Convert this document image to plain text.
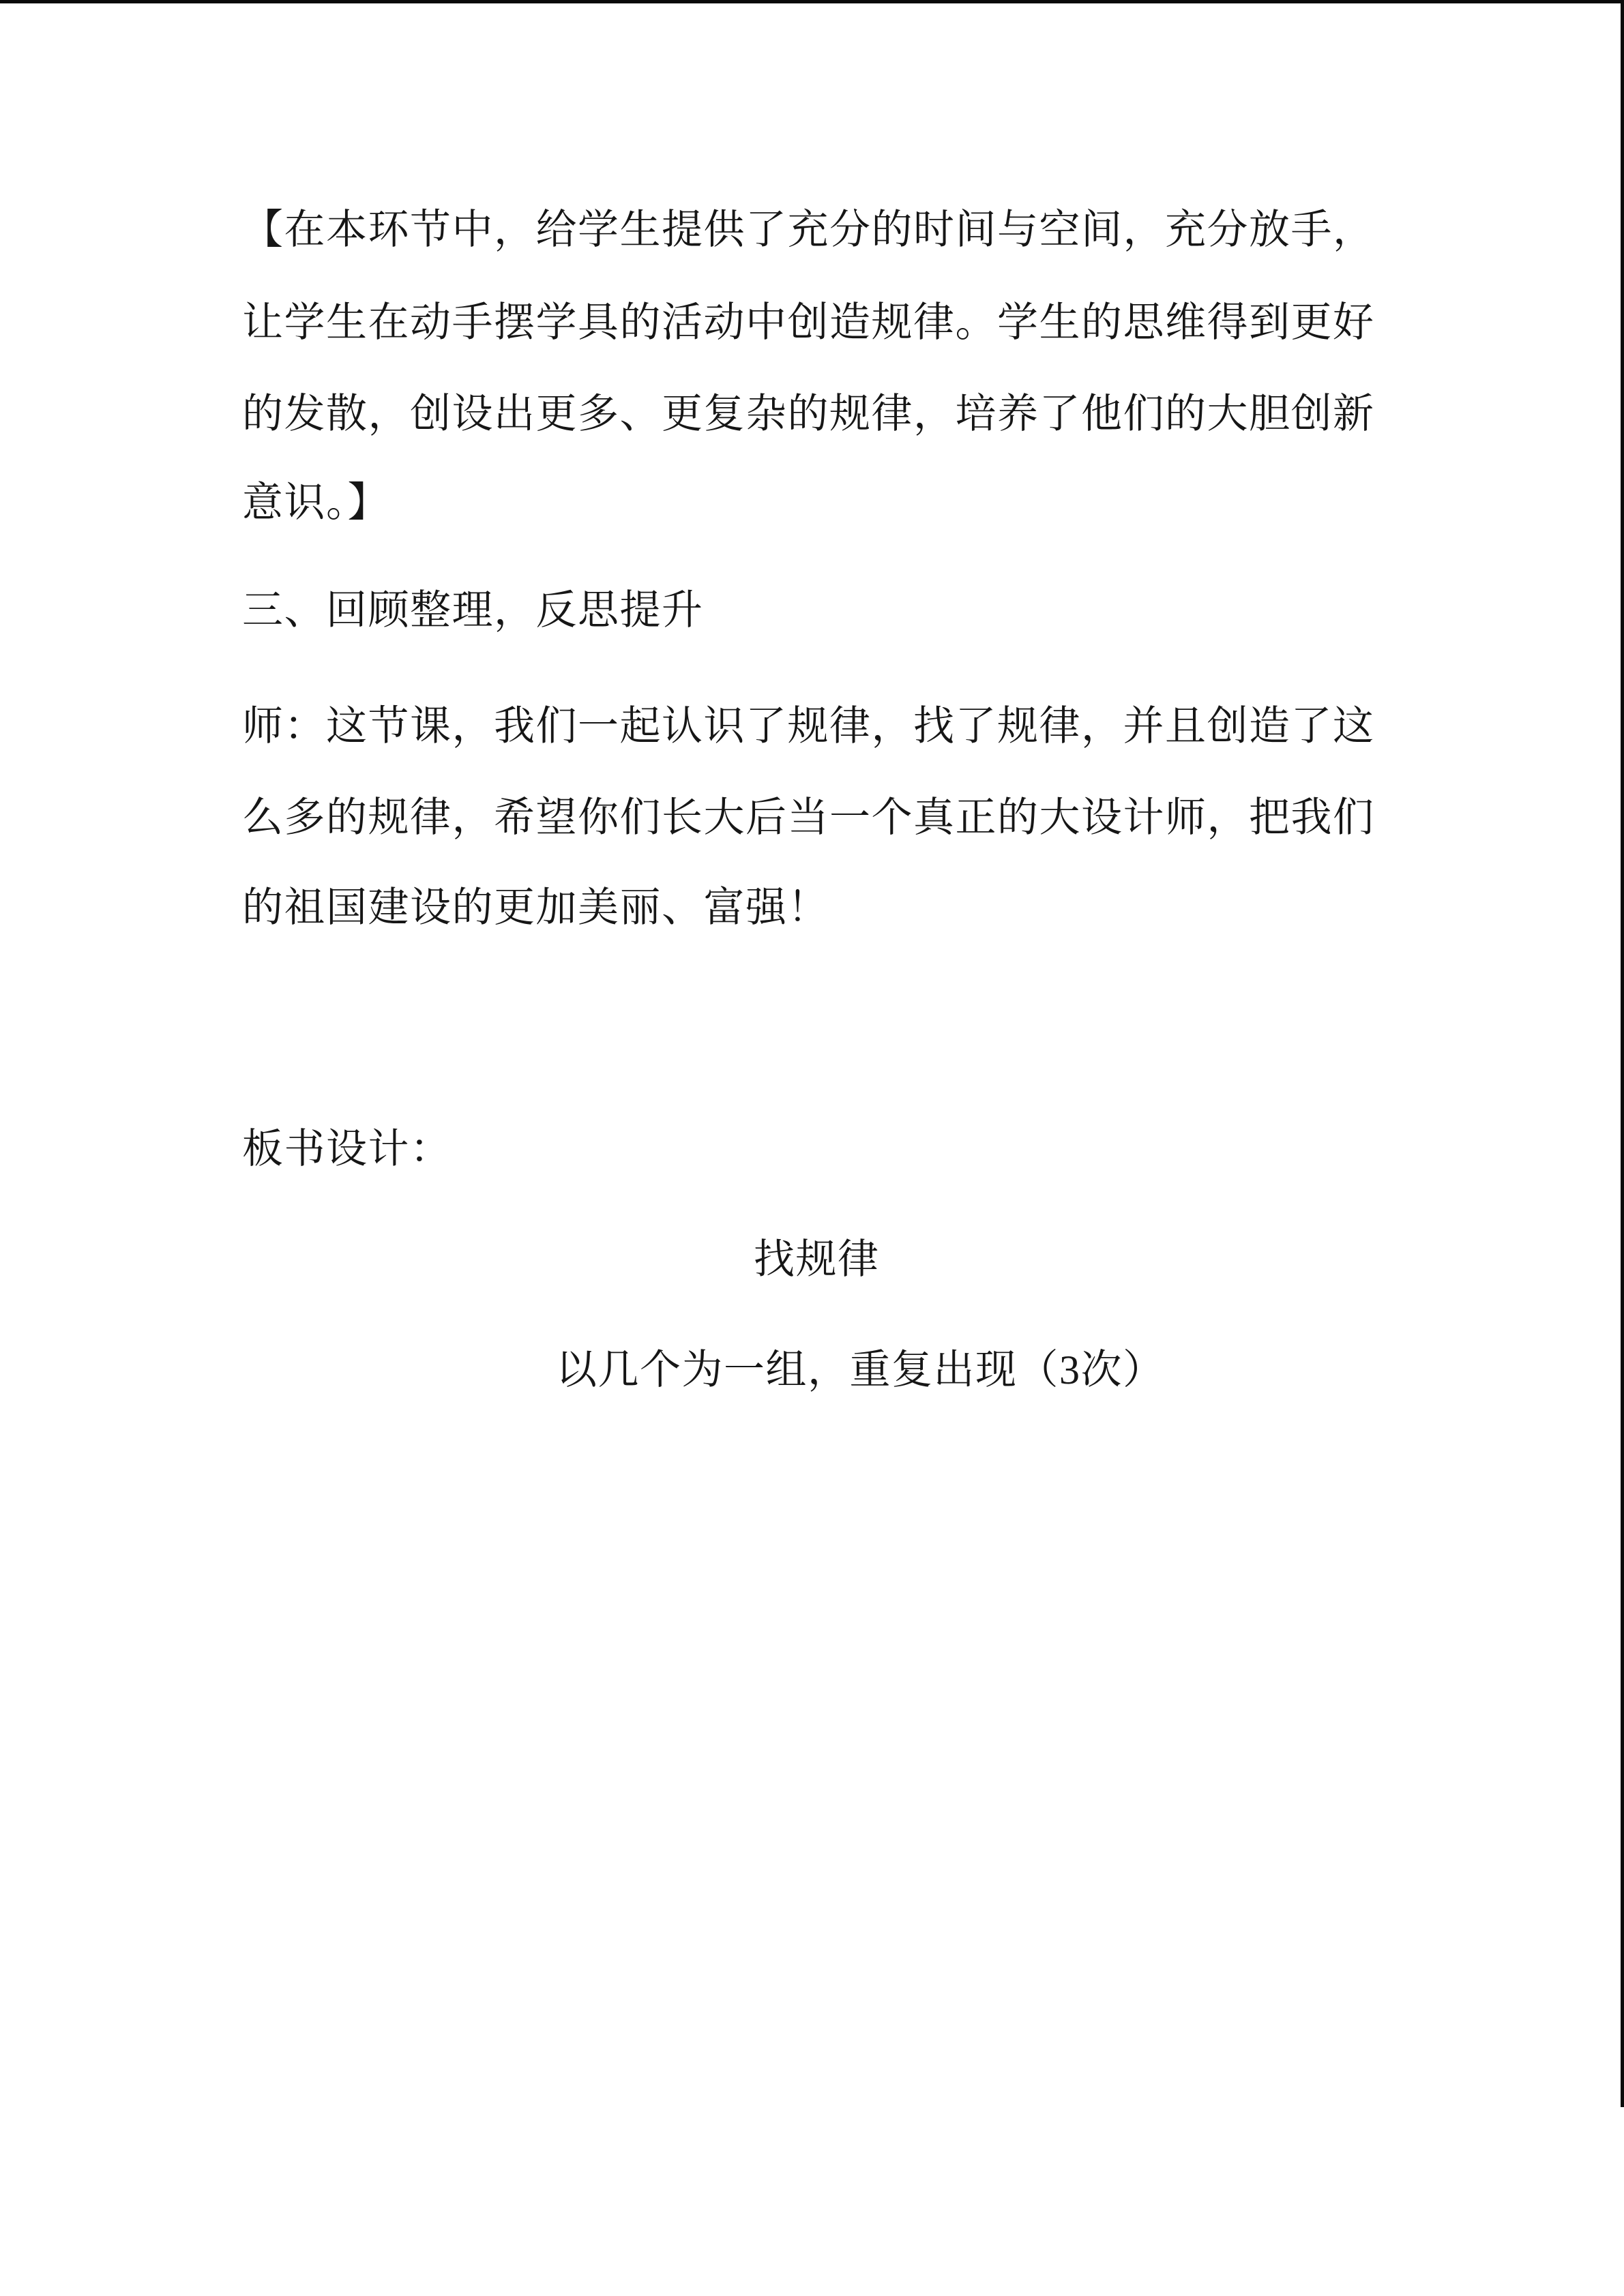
【在本环节中，给学生提供了充分的时间与空间，充分放手，
让学生在动手摆学具的活动中创造规律。学生的思维得到更好
的发散，创设出更多、更复杂的规律，培养了他们的大胆创新
意识。】
三、回顾整理，反思提升
师：这节课，我们一起认识了规律，找了规律，并且创造了这
么多的规律，希望你们长大后当一个真正的大设计师，把我们
的祖国建设的更加美丽、富强！
板书设计：
找规律
以几个为一组，重复出现（3次）
